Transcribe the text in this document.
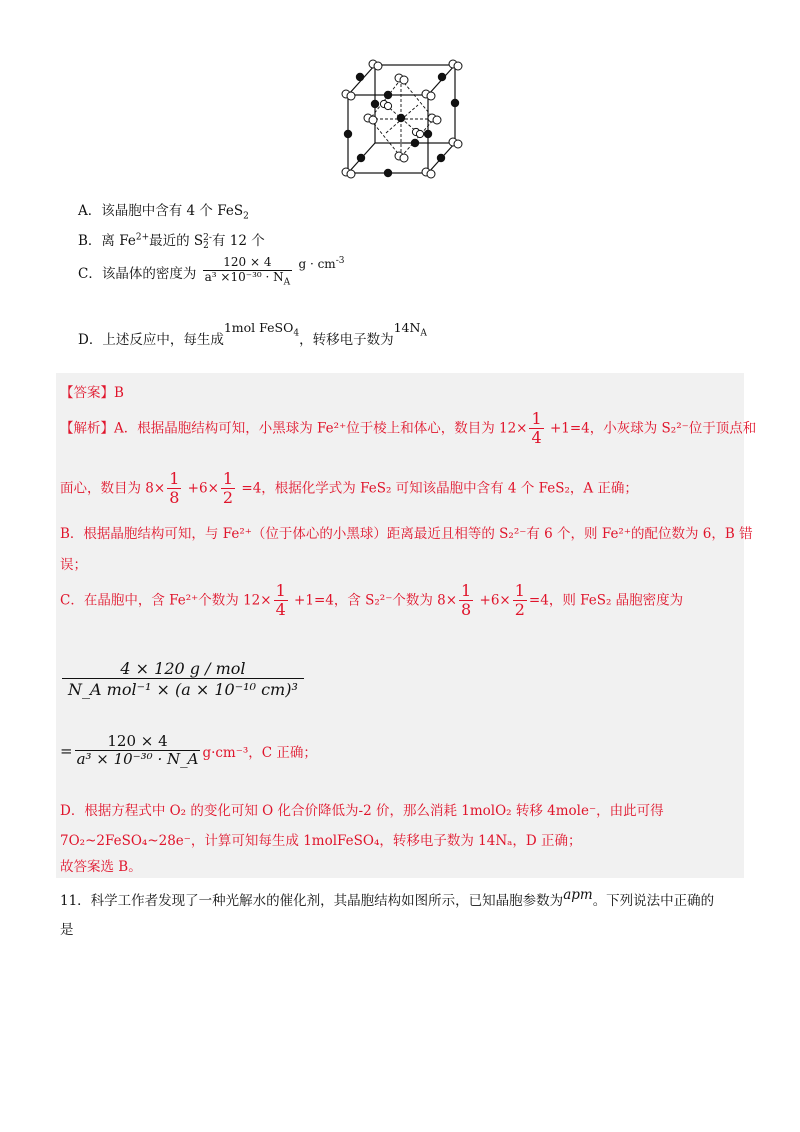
A．该晶胞中含有 4 个 FeS$_2$
B．离 $Fe^{2+}$最近的 S 2-
2 有 12 个
C．该晶体的密度为 $\frac{120 \times 4}{a^3 \times 10^{-30} \cdot N_A}$ $g \cdot cm^{-3}$
D．上述反应中，每生成1mol FeSO$_4$，转移电子数为$14N_A$
【答案】B
【解析】A．根据晶胞结构可知，小黑球为 Fe²⁺位于棱上和体心，数目为 $12\times \frac{1}{4} +1=4$，小灰球为 S₂²⁻位于顶点和
面心，数目为 $8\times \frac{1}{8} +6\times \frac{1}{2} =4$，根据化学式为 FeS₂ 可知该晶胞中含有 4 个 FeS₂，A 正确；
B．根据晶胞结构可知，与 Fe²⁺（位于体心的小黑球）距离最近且相等的 S₂²⁻有 6 个，则 Fe²⁺的配位数为 6，B 错
误；
C．在晶胞中，含 Fe²⁺个数为 $12\times \frac{1}{4} +1=4$，含 S₂²⁻个数为 $8\times \frac{1}{8} +6\times \frac{1}{2} =4$，则 FeS₂ 晶胞密度为
$\frac{\text{4 × 120 g / mol}}{\text{N\_A mol⁻¹ × (a × 10⁻¹⁰ cm)³}}$
= $\frac{120 \times 4}{\text{a³ × 10⁻³⁰ · N\_A}} g\cdot cm^{-3}$，C 正确；
D．根据方程式中 O₂ 的变化可知 O 化合价降低为-2 价，那么消耗 1molO₂ 转移 4mole⁻，由此可得
7O₂~2FeSO₄~28e⁻，计算可知每生成 1molFeSO₄，转移电子数为 14Nₐ，D 正确；
故答案选 B。
11．科学工作者发现了一种光解水的催化剂，其晶胞结构如图所示，已知晶胞参数为apm。下列说法中正确的
是
